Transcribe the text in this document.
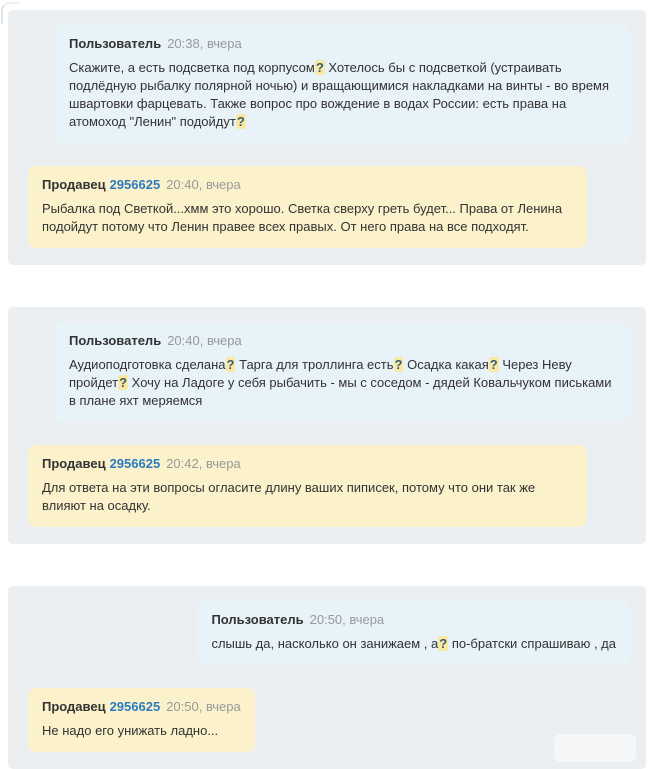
Пользователь 20:38, вчера
Скажите, а есть подсветка под корпусом? Хотелось бы с подсветкой (устраивать подлёдную рыбалку полярной ночью) и вращающимися накладками на винты - во время швартовки фарцевать. Также вопрос про вождение в водах России: есть права на атомоход "Ленин" подойдут?
Продавец 2956625 20:40, вчера
Рыбалка под Светкой...хмм это хорошо. Светка сверху греть будет... Права от Ленина подойдут потому что Ленин правее всех правых. От него права на все подходят.
Пользователь 20:40, вчера
Аудиоподготовка сделана? Тарга для троллинга есть? Осадка какая? Через Неву пройдет? Хочу на Ладоге у себя рыбачить - мы с соседом - дядей Ковальчуком письками в плане яхт меряемся
Продавец 2956625 20:42, вчера
Для ответа на эти вопросы огласите длину ваших пиписек, потому что они так же влияют на осадку.
Пользователь 20:50, вчера
слышь да, насколько он занижаем , а? по-братски спрашиваю , да
Продавец 2956625 20:50, вчера
Не надо его унижать ладно...
